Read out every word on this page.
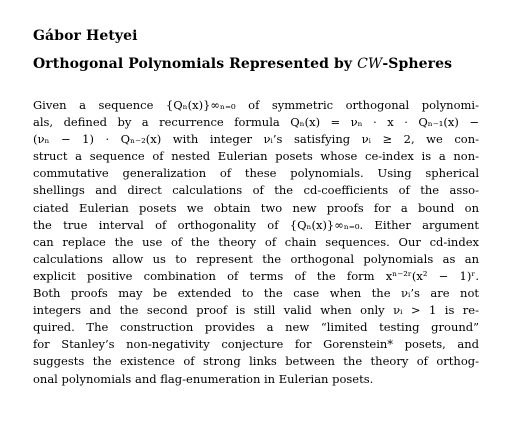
Gábor Hetyei
Orthogonal Polynomials Represented by CW-Spheres
Given a sequence {Qₙ(x)}∞ₙ₌₀ of symmetric orthogonal polynomi-
als, defined by a recurrence formula Qₙ(x) = νₙ · x · Qₙ₋₁(x) −
(νₙ − 1) · Qₙ₋₂(x) with integer νᵢ’s satisfying νᵢ ≥ 2, we con-
struct a sequence of nested Eulerian posets whose ce-index is a non-
commutative generalization of these polynomials. Using spherical
shellings and direct calculations of the cd-coefficients of the asso-
ciated Eulerian posets we obtain two new proofs for a bound on
the true interval of orthogonality of {Qₙ(x)}∞ₙ₌₀. Either argument
can replace the use of the theory of chain sequences. Our cd-index
calculations allow us to represent the orthogonal polynomials as an
explicit positive combination of terms of the form xⁿ⁻²ʳ(x² − 1)ʳ.
Both proofs may be extended to the case when the νᵢ’s are not
integers and the second proof is still valid when only νᵢ > 1 is re-
quired. The construction provides a new “limited testing ground”
for Stanley’s non-negativity conjecture for Gorenstein* posets, and
suggests the existence of strong links between the theory of orthog-
onal polynomials and flag-enumeration in Eulerian posets.
